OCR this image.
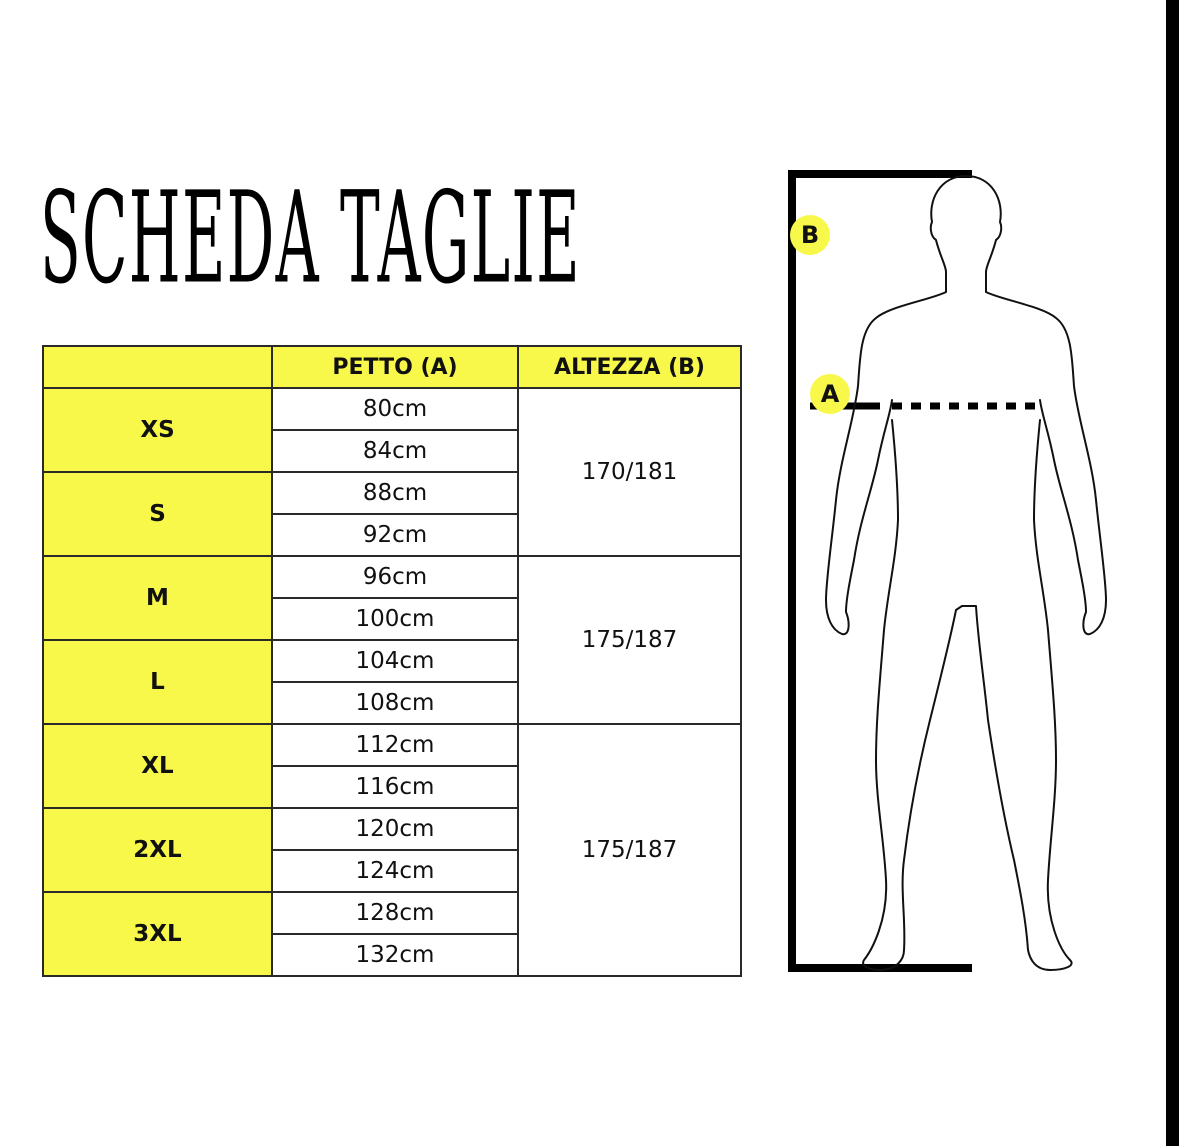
SCHEDA TAGLIE
	PETTO (A)	ALTEZZA (B)
XS	80cm	170/181
	84cm	
S	88cm	
	92cm	
M	96cm	175/187
	100cm	
L	104cm	
	108cm	
XL	112cm	175/187
	116cm	
2XL	120cm	
	124cm	
3XL	128cm	
	132cm	
B
A
